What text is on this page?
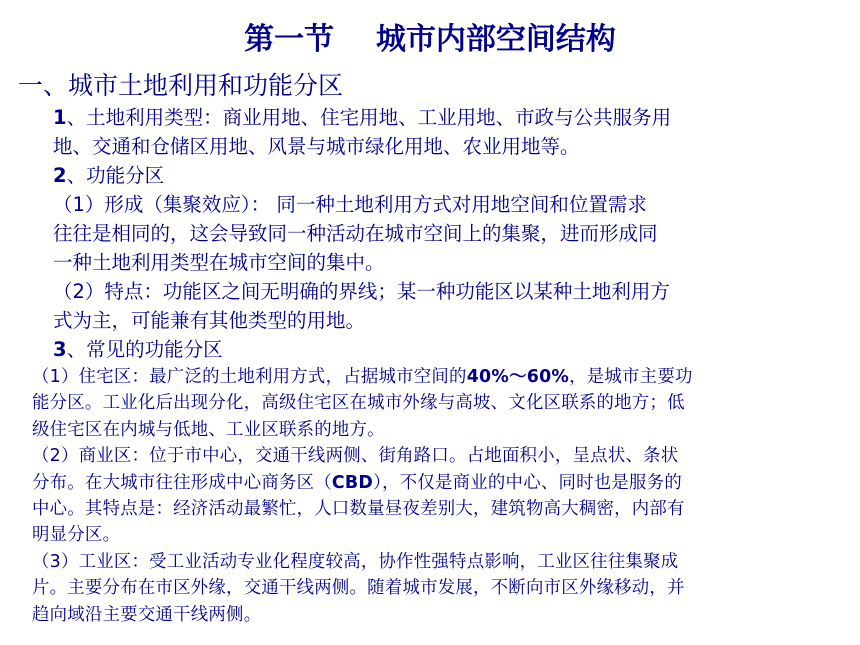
第一节    城市内部空间结构
一、城市土地利用和功能分区
1、土地利用类型：商业用地、住宅用地、工业用地、市政与公共服务用
地、交通和仓储区用地、风景与城市绿化用地、农业用地等。
2、功能分区
（1）形成（集聚效应）： 同一种土地利用方式对用地空间和位置需求
往往是相同的，这会导致同一种活动在城市空间上的集聚，进而形成同
一种土地利用类型在城市空间的集中。
（2）特点：功能区之间无明确的界线；某一种功能区以某种土地利用方
式为主，可能兼有其他类型的用地。
3、常见的功能分区
（1）住宅区：最广泛的土地利用方式，占据城市空间的40%～60%，是城市主要功
能分区。工业化后出现分化，高级住宅区在城市外缘与高坡、文化区联系的地方；低
级住宅区在内城与低地、工业区联系的地方。
（2）商业区：位于市中心，交通干线两侧、街角路口。占地面积小，呈点状、条状
分布。在大城市往往形成中心商务区（CBD），不仅是商业的中心、同时也是服务的
中心。其特点是：经济活动最繁忙，人口数量昼夜差别大，建筑物高大稠密，内部有
明显分区。
（3）工业区：受工业活动专业化程度较高，协作性强特点影响，工业区往往集聚成
片。主要分布在市区外缘，交通干线两侧。随着城市发展，不断向市区外缘移动，并
趋向域沿主要交通干线两侧。
